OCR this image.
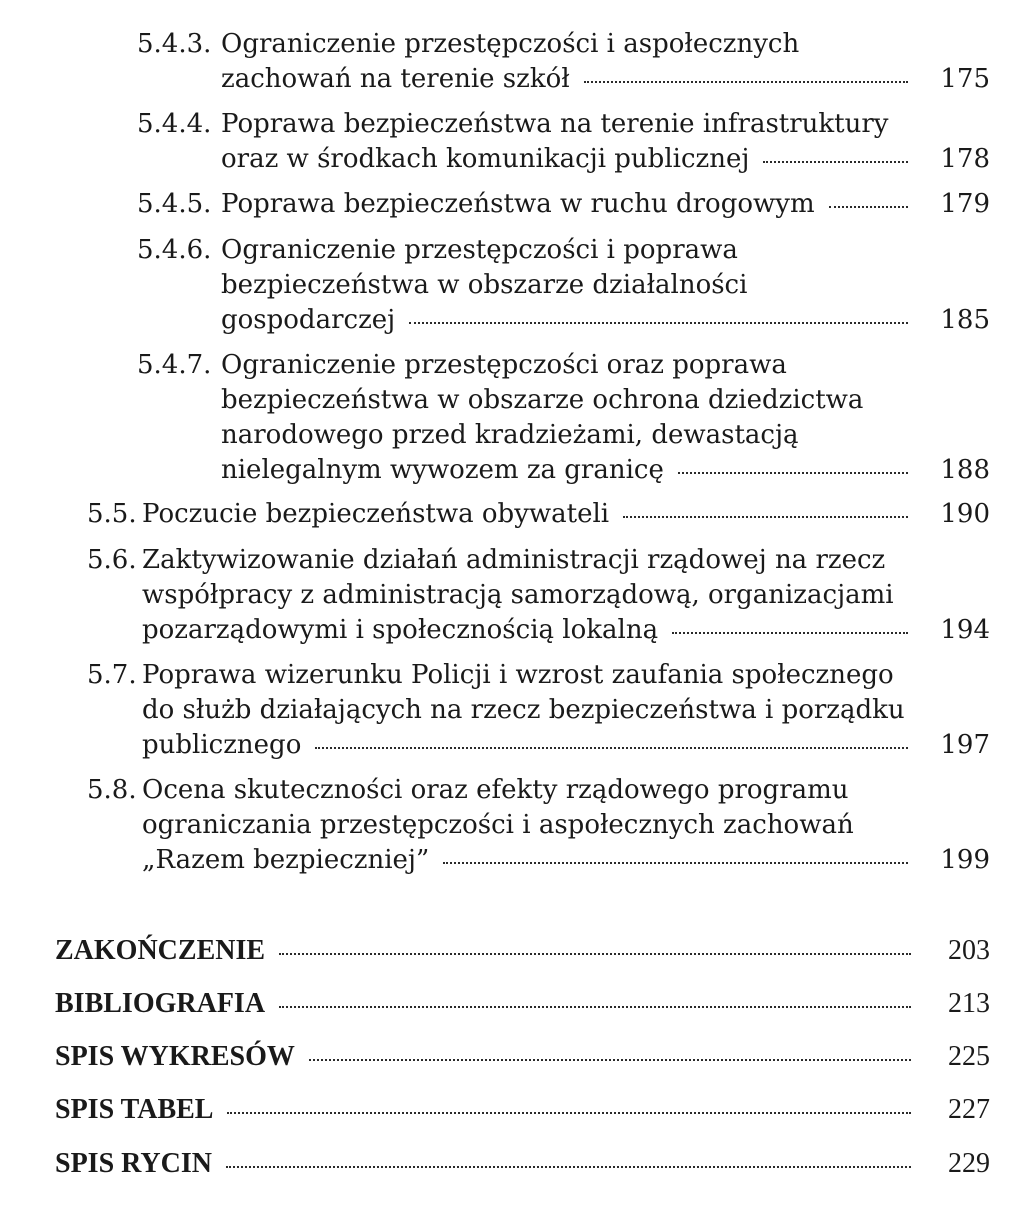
5.4.3. Ograniczenie przestępczości i aspołecznych
zachowań na terenie szkół	175
5.4.4. Poprawa bezpieczeństwa na terenie infrastruktury
oraz w środkach komunikacji publicznej	178
5.4.5. Poprawa bezpieczeństwa w ruchu drogowym	179
5.4.6. Ograniczenie przestępczości i poprawa
bezpieczeństwa w obszarze działalności
gospodarczej	185
5.4.7. Ograniczenie przestępczości oraz poprawa
bezpieczeństwa w obszarze ochrona dziedzictwa
narodowego przed kradzieżami, dewastacją
nielegalnym wywozem za granicę	188
5.5. Poczucie bezpieczeństwa obywateli	190
5.6. Zaktywizowanie działań administracji rządowej na rzecz
współpracy z administracją samorządową, organizacjami
pozarządowymi i społecznością lokalną	194
5.7. Poprawa wizerunku Policji i wzrost zaufania społecznego
do służb działających na rzecz bezpieczeństwa i porządku
publicznego	197
5.8. Ocena skuteczności oraz efekty rządowego programu
ograniczania przestępczości i aspołecznych zachowań
„Razem bezpieczniej”	199
ZAKOŃCZENIE	203
BIBLIOGRAFIA	213
SPIS WYKRESÓW	225
SPIS TABEL	227
SPIS RYCIN	229
